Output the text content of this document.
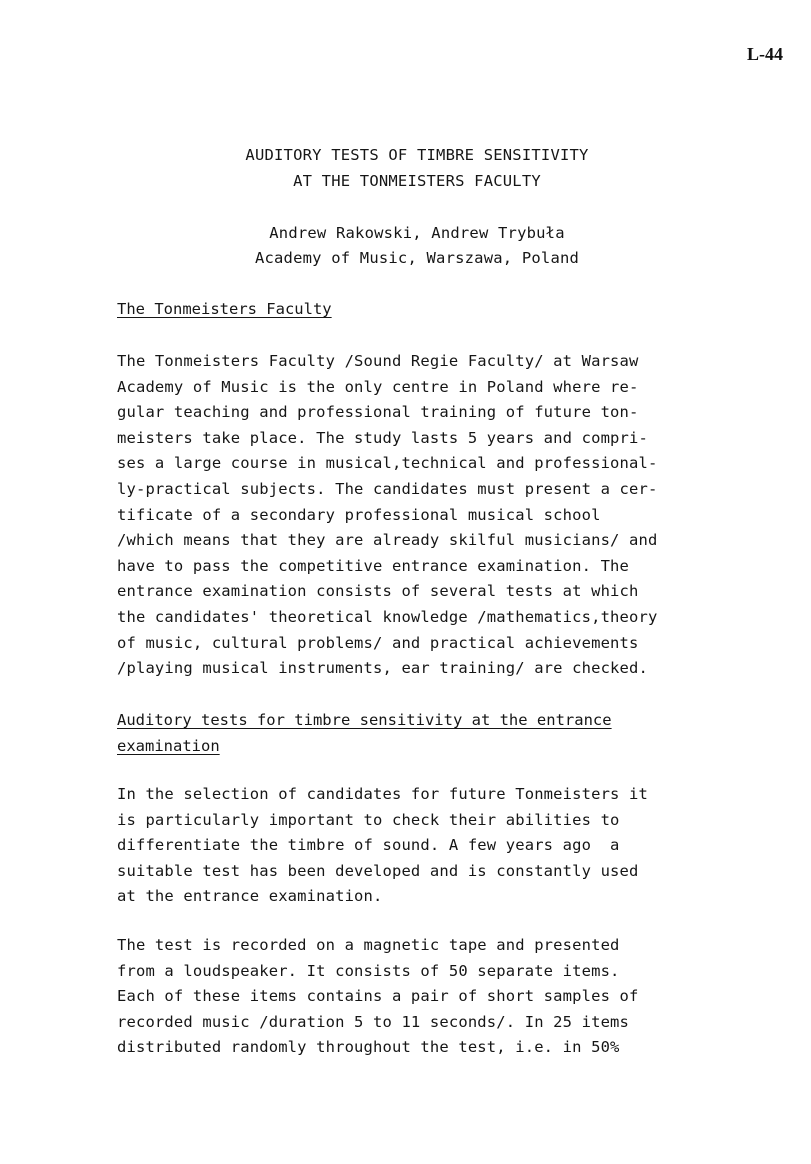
L-44
AUDITORY TESTS OF TIMBRE SENSITIVITY
AT THE TONMEISTERS FACULTY
Andrew Rakowski, Andrew Trybuła
Academy of Music, Warszawa, Poland
The Tonmeisters Faculty

The Tonmeisters Faculty /Sound Regie Faculty/ at Warsaw
Academy of Music is the only centre in Poland where re-
gular teaching and professional training of future ton-
meisters take place. The study lasts 5 years and compri-
ses a large course in musical,technical and professional-
ly-practical subjects. The candidates must present a cer-
tificate of a secondary professional musical school
/which means that they are already skilful musicians/ and
have to pass the competitive entrance examination. The
entrance examination consists of several tests at which
the candidates' theoretical knowledge /mathematics,theory
of music, cultural problems/ and practical achievements
/playing musical instruments, ear training/ are checked.

Auditory tests for timbre sensitivity at the entrance
examination

In the selection of candidates for future Tonmeisters it
is particularly important to check their abilities to
differentiate the timbre of sound. A few years ago  a
suitable test has been developed and is constantly used
at the entrance examination.

The test is recorded on a magnetic tape and presented
from a loudspeaker. It consists of 50 separate items.
Each of these items contains a pair of short samples of
recorded music /duration 5 to 11 seconds/. In 25 items
distributed randomly throughout the test, i.e. in 50%
